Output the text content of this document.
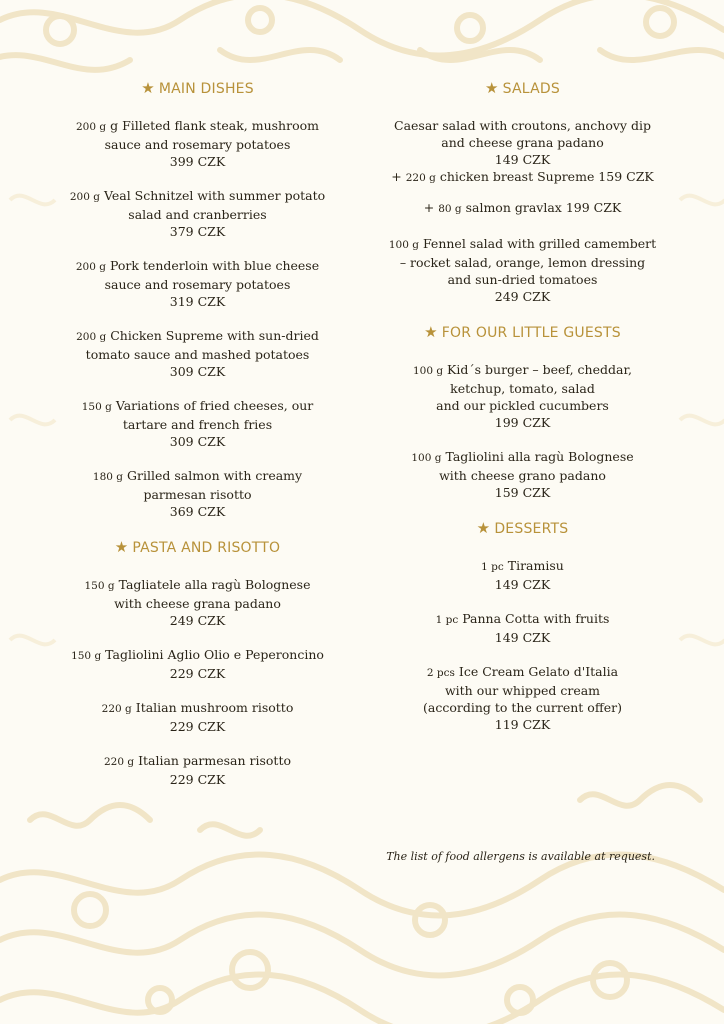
★ MAIN DISHES
200 g g Filleted flank steak, mushroom
sauce and rosemary potatoes
399 CZK
200 g Veal Schnitzel with summer potato
salad and cranberries
379 CZK
200 g Pork tenderloin with blue cheese
sauce and rosemary potatoes
319 CZK
200 g Chicken Supreme with sun-dried
tomato sauce and mashed potatoes
309 CZK
150 g Variations of fried cheeses, our
tartare and french fries
309 CZK
180 g Grilled salmon with creamy
parmesan risotto
369 CZK
★ PASTA AND RISOTTO
150 g Tagliatele alla ragù Bolognese
with cheese grana padano
249 CZK
150 g Tagliolini Aglio Olio e Peperoncino
229 CZK
220 g Italian mushroom risotto
229 CZK
220 g Italian parmesan risotto
229 CZK
★ SALADS
Caesar salad with croutons, anchovy dip
and cheese grana padano
149 CZK
+ 220 g chicken breast Supreme 159 CZK
+ 80 g salmon gravlax 199 CZK
100 g Fennel salad with grilled camembert
– rocket salad, orange, lemon dressing
and sun-dried tomatoes
249 CZK
★ FOR OUR LITTLE GUESTS
100 g Kid´s burger – beef, cheddar,
ketchup, tomato, salad
and our pickled cucumbers
199 CZK
100 g Tagliolini alla ragù Bolognese
with cheese grano padano
159 CZK
★ DESSERTS
1 pc Tiramisu
149 CZK
1 pc Panna Cotta with fruits
149 CZK
2 pcs Ice Cream Gelato d'Italia
with our whipped cream
(according to the current offer)
119 CZK
The list of food allergens is available at request.
